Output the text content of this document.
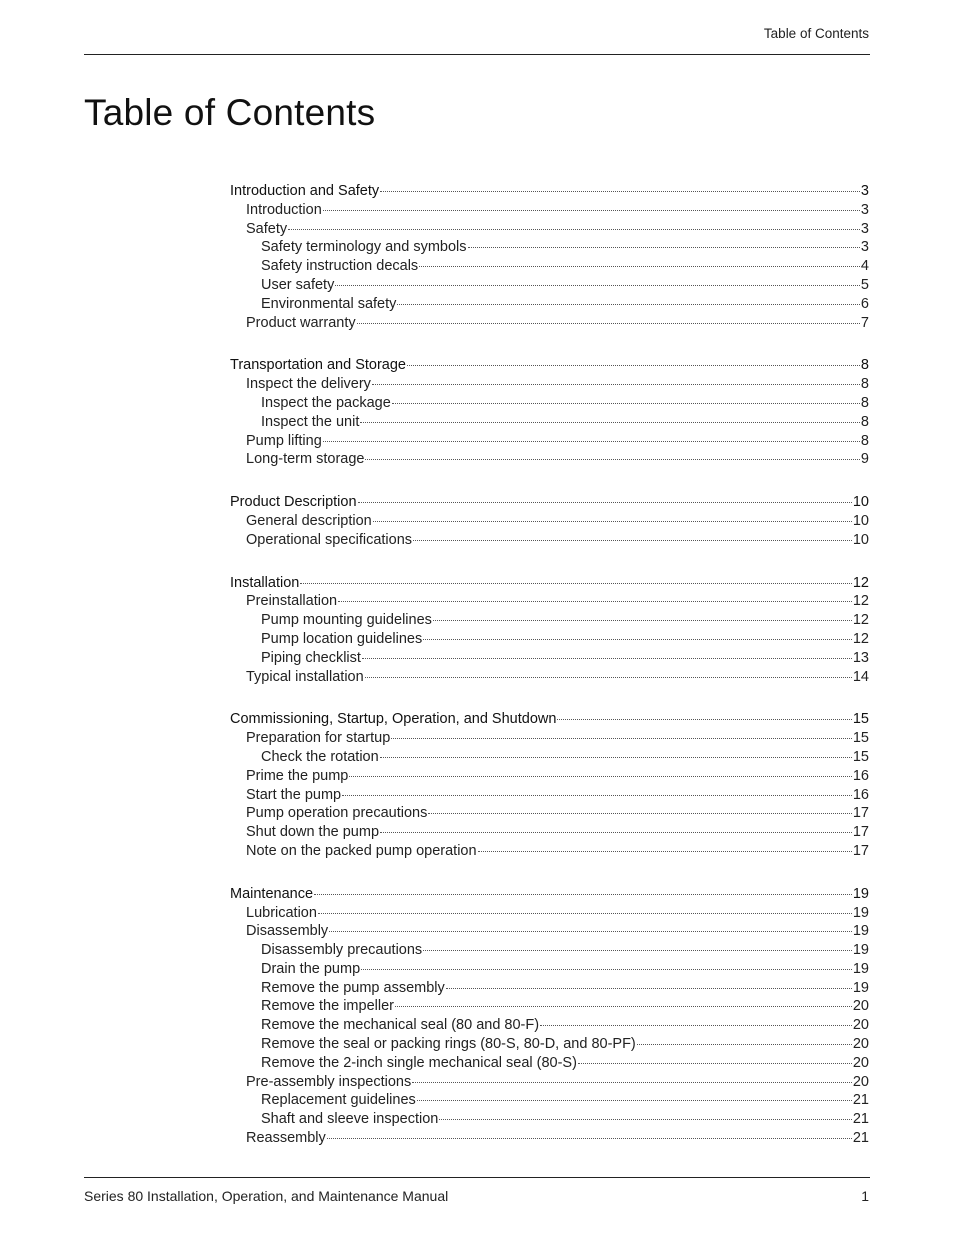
Table of Contents
Table of Contents
Introduction and Safety	3
Introduction	3
Safety	3
Safety terminology and symbols	3
Safety instruction decals	4
User safety	5
Environmental safety	6
Product warranty	7
Transportation and Storage	8
Inspect the delivery	8
Inspect the package	8
Inspect the unit	8
Pump lifting	8
Long-term storage	9
Product Description	10
General description	10
Operational specifications	10
Installation	12
Preinstallation	12
Pump mounting guidelines	12
Pump location guidelines	12
Piping checklist	13
Typical installation	14
Commissioning, Startup, Operation, and Shutdown	15
Preparation for startup	15
Check the rotation	15
Prime the pump	16
Start the pump	16
Pump operation precautions	17
Shut down the pump	17
Note on the packed pump operation	17
Maintenance	19
Lubrication	19
Disassembly	19
Disassembly precautions	19
Drain the pump	19
Remove the pump assembly	19
Remove the impeller	20
Remove the mechanical seal (80 and 80-F)	20
Remove the seal or packing rings (80-S, 80-D, and 80-PF)	20
Remove the 2-inch single mechanical seal (80-S)	20
Pre-assembly inspections	20
Replacement guidelines	21
Shaft and sleeve inspection	21
Reassembly	21
Series 80 Installation, Operation, and Maintenance Manual	1
